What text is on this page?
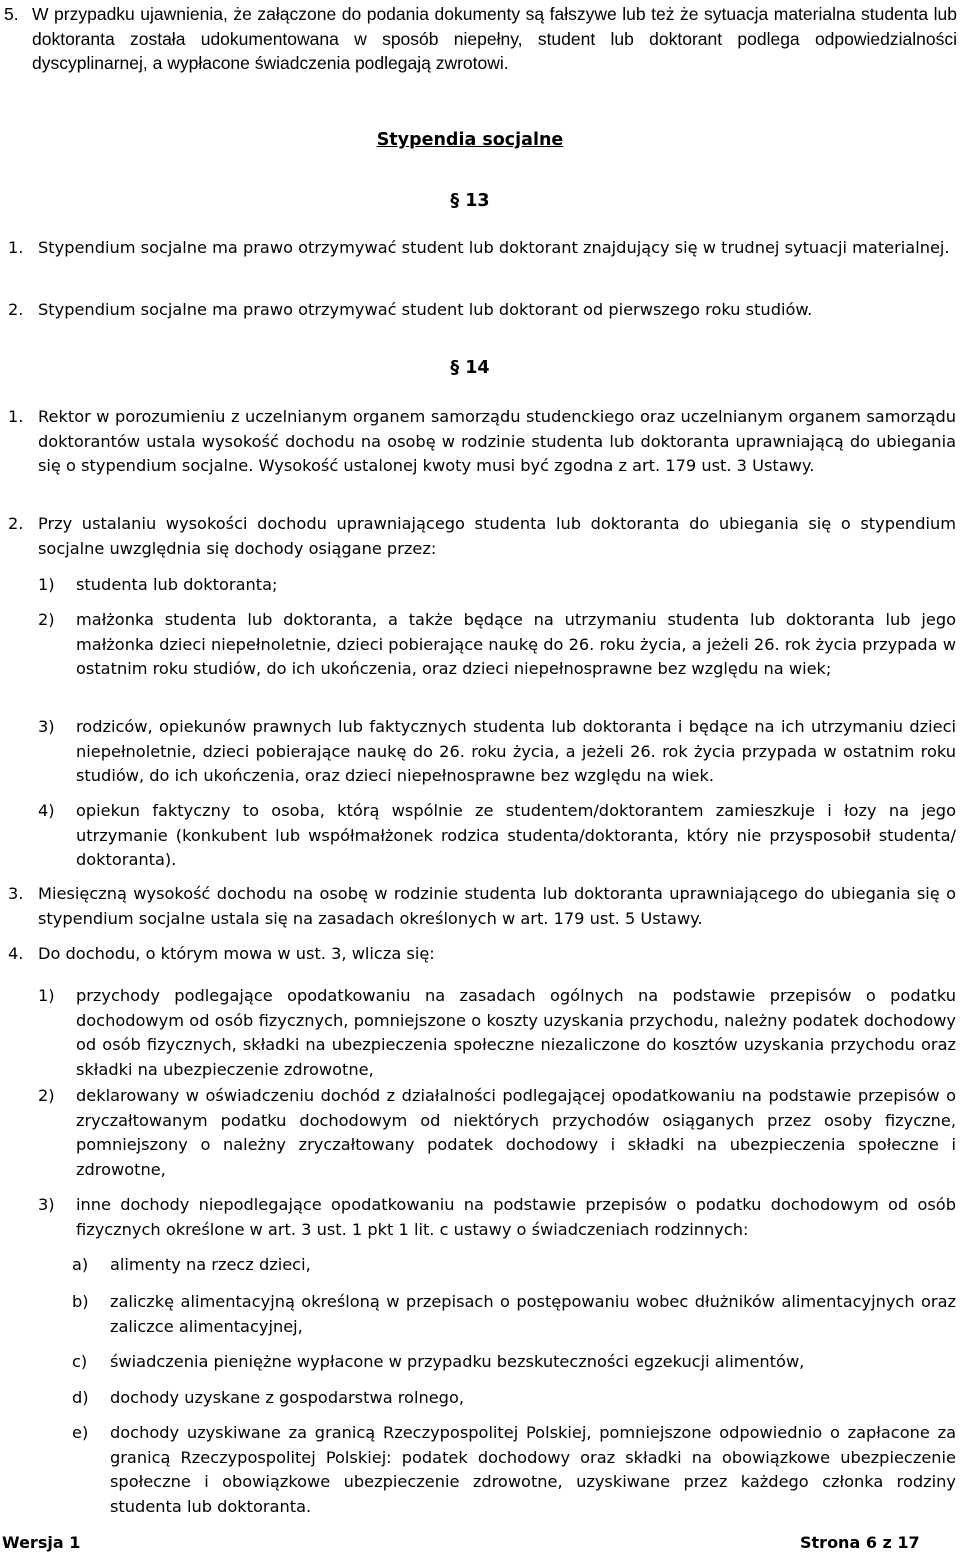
5. W przypadku ujawnienia, że załączone do podania dokumenty są fałszywe lub też że sytuacja materialna studenta lub doktoranta została udokumentowana w sposób niepełny, student lub doktorant podlega odpowiedzialności dyscyplinarnej, a wypłacone świadczenia podlegają zwrotowi.
Stypendia socjalne
§ 13
1. Stypendium socjalne ma prawo otrzymywać student lub doktorant znajdujący się w trudnej sytuacji materialnej.
2. Stypendium socjalne ma prawo otrzymywać student lub doktorant od pierwszego roku studiów.
§ 14
1. Rektor w porozumieniu z uczelnianym organem samorządu studenckiego oraz uczelnianym organem samorządu doktorantów ustala wysokość dochodu na osobę w rodzinie studenta lub doktoranta uprawniającą do ubiegania się o stypendium socjalne. Wysokość ustalonej kwoty musi być zgodna z art. 179 ust. 3 Ustawy.
2. Przy ustalaniu wysokości dochodu uprawniającego studenta lub doktoranta do ubiegania się o stypendium socjalne uwzględnia się dochody osiągane przez:
1) studenta lub doktoranta;
2) małżonka studenta lub doktoranta, a także będące na utrzymaniu studenta lub doktoranta lub jego małżonka dzieci niepełnoletnie, dzieci pobierające naukę do 26. roku życia, a jeżeli 26. rok życia przypada w ostatnim roku studiów, do ich ukończenia, oraz dzieci niepełnosprawne bez względu na wiek;
3) rodziców, opiekunów prawnych lub faktycznych studenta lub doktoranta i będące na ich utrzymaniu dzieci niepełnoletnie, dzieci pobierające naukę do 26. roku życia, a jeżeli 26. rok życia przypada w ostatnim roku studiów, do ich ukończenia, oraz dzieci niepełnosprawne bez względu na wiek.
4) opiekun faktyczny to osoba, którą wspólnie ze studentem/doktorantem zamieszkuje i łozy na jego utrzymanie (konkubent lub współmałżonek rodzica studenta/doktoranta, który nie przysposobił studenta/ doktoranta).
3. Miesięczną wysokość dochodu na osobę w rodzinie studenta lub doktoranta uprawniającego do ubiegania się o stypendium socjalne ustala się na zasadach określonych w art. 179 ust. 5 Ustawy.
4. Do dochodu, o którym mowa w ust. 3, wlicza się:
1) przychody podlegające opodatkowaniu na zasadach ogólnych na podstawie przepisów o podatku dochodowym od osób fizycznych, pomniejszone o koszty uzyskania przychodu, należny podatek dochodowy od osób fizycznych, składki na ubezpieczenia społeczne niezaliczone do kosztów uzyskania przychodu oraz składki na ubezpieczenie zdrowotne,
2) deklarowany w oświadczeniu dochód z działalności podlegającej opodatkowaniu na podstawie przepisów o zryczałtowanym podatku dochodowym od niektórych przychodów osiąganych przez osoby fizyczne, pomniejszony o należny zryczałtowany podatek dochodowy i składki na ubezpieczenia społeczne i zdrowotne,
3) inne dochody niepodlegające opodatkowaniu na podstawie przepisów o podatku dochodowym od osób fizycznych określone w art. 3 ust. 1 pkt 1 lit. c ustawy o świadczeniach rodzinnych:
a) alimenty na rzecz dzieci,
b) zaliczkę alimentacyjną określoną w przepisach o postępowaniu wobec dłużników alimentacyjnych oraz zaliczce alimentacyjnej,
c) świadczenia pieniężne wypłacone w przypadku bezskuteczności egzekucji alimentów,
d) dochody uzyskane z gospodarstwa rolnego,
e) dochody uzyskiwane za granicą Rzeczypospolitej Polskiej, pomniejszone odpowiednio o zapłacone za granicą Rzeczypospolitej Polskiej: podatek dochodowy oraz składki na obowiązkowe ubezpieczenie społeczne i obowiązkowe ubezpieczenie zdrowotne, uzyskiwane przez każdego członka rodziny studenta lub doktoranta.
Wersja 1	Strona 6 z 17
